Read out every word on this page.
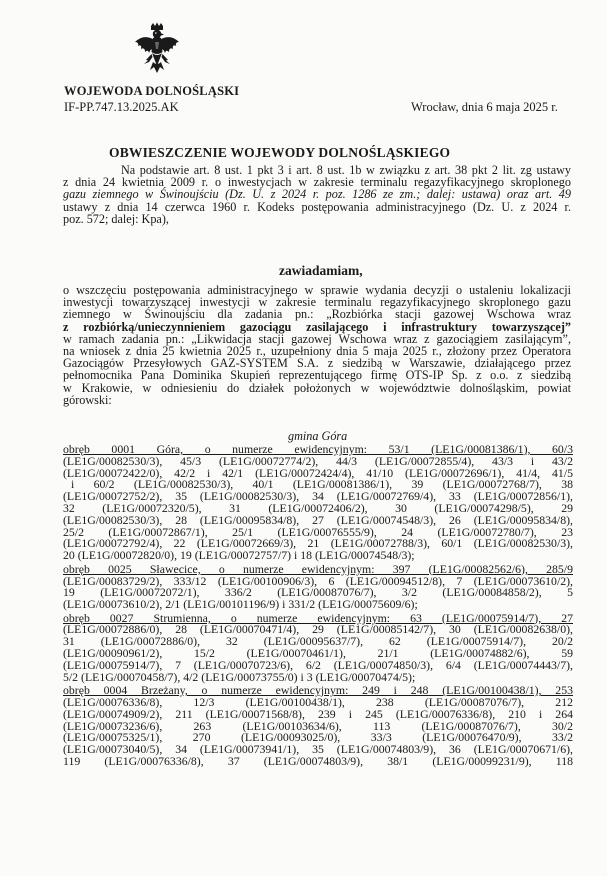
WOJEWODA DOLNOŚLĄSKI
IF-PP.747.13.2025.AK	Wrocław, dnia 6 maja 2025 r.
OBWIESZCZENIE WOJEWODY DOLNOŚLĄSKIEGO
Na podstawie art. 8 ust. 1 pkt 3 i art. 8 ust. 1b w związku z art. 38 pkt 2 lit. zg ustawy
z dnia 24 kwietnia 2009 r. o inwestycjach w zakresie terminalu regazyfikacyjnego skroplonego
gazu ziemnego w Świnoujściu (Dz. U. z 2024 r. poz. 1286 ze zm.; dalej: ustawa) oraz art. 49
ustawy z dnia 14 czerwca 1960 r. Kodeks postępowania administracyjnego (Dz. U. z 2024 r.
poz. 572; dalej: Kpa),
zawiadamiam,
o wszczęciu postępowania administracyjnego w sprawie wydania decyzji o ustaleniu lokalizacji
inwestycji towarzyszącej inwestycji w zakresie terminalu regazyfikacyjnego skroplonego gazu
ziemnego w Świnoujściu dla zadania pn.: „Rozbiórka stacji gazowej Wschowa wraz
z rozbiórką/unieczynnieniem gazociągu zasilającego i infrastruktury towarzyszącej”
w ramach zadania pn.: „Likwidacja stacji gazowej Wschowa wraz z gazociągiem zasilającym”,
na wniosek z dnia 25 kwietnia 2025 r., uzupełniony dnia 5 maja 2025 r., złożony przez Operatora
Gazociągów Przesyłowych GAZ-SYSTEM S.A. z siedzibą w Warszawie, działającego przez
pełnomocnika Pana Dominika Skupień reprezentującego firmę OTS-IP Sp. z o.o. z siedzibą
w Krakowie, w odniesieniu do działek położonych w województwie dolnośląskim, powiat
górowski:
gmina Góra
obręb 0001 Góra, o numerze ewidencyjnym: 53/1 (LE1G/00081386/1), 60/3
(LE1G/00082530/3), 45/3 (LE1G/00072774/2), 44/3 (LE1G/00072855/4), 43/3 i 43/2
(LE1G/00072422/0), 42/2 i 42/1 (LE1G/00072424/4), 41/10 (LE1G/00072696/1), 41/4, 41/5
i 60/2 (LE1G/00082530/3), 40/1 (LE1G/00081386/1), 39 (LE1G/00072768/7), 38
(LE1G/00072752/2), 35 (LE1G/00082530/3), 34 (LE1G/00072769/4), 33 (LE1G/00072856/1),
32 (LE1G/00072320/5), 31 (LE1G/00072406/2), 30 (LE1G/00074298/5), 29
(LE1G/00082530/3), 28 (LE1G/00095834/8), 27 (LE1G/00074548/3), 26 (LE1G/00095834/8),
25/2 (LE1G/00072867/1), 25/1 (LE1G/00076555/9), 24 (LE1G/00072780/7), 23
(LE1G/00072792/4), 22 (LE1G/00072669/3), 21 (LE1G/00072788/3), 60/1 (LE1G/00082530/3),
20 (LE1G/00072820/0), 19 (LE1G/00072757/7) i 18 (LE1G/00074548/3);
obręb 0025 Sławecice, o numerze ewidencyjnym: 397 (LE1G/00082562/6), 285/9
(LE1G/00083729/2), 333/12 (LE1G/00100906/3), 6 (LE1G/00094512/8), 7 (LE1G/00073610/2),
19 (LE1G/00072072/1), 336/2 (LE1G/00087076/7), 3/2 (LE1G/00084858/2), 5
(LE1G/00073610/2), 2/1 (LE1G/00101196/9) i 331/2 (LE1G/00075609/6);
obręb 0027 Strumienna, o numerze ewidencyjnym: 63 (LE1G/00075914/7), 27
(LE1G/00072886/0), 28 (LE1G/00070471/4), 29 (LE1G/00085142/7), 30 (LE1G/00082638/0),
31 (LE1G/00072886/0), 32 (LE1G/00095637/7), 62 (LE1G/00075914/7), 20/2
(LE1G/00090961/2), 15/2 (LE1G/00070461/1), 21/1 (LE1G/00074882/6), 59
(LE1G/00075914/7), 7 (LE1G/00070723/6), 6/2 (LE1G/00074850/3), 6/4 (LE1G/00074443/7),
5/2 (LE1G/00070458/7), 4/2 (LE1G/00073755/0) i 3 (LE1G/00070474/5);
obręb 0004 Brzeżany, o numerze ewidencyjnym: 249 i 248 (LE1G/00100438/1), 253
(LE1G/00076336/8), 12/3 (LE1G/00100438/1), 238 (LE1G/00087076/7), 212
(LE1G/00074909/2), 211 (LE1G/00071568/8), 239 i 245 (LE1G/00076336/8), 210 i 264
(LE1G/00073236/6), 263 (LE1G/00103634/6), 113 (LE1G/00087076/7), 30/2
(LE1G/00075325/1), 270 (LE1G/00093025/0), 33/3 (LE1G/00076470/9), 33/2
(LE1G/00073040/5), 34 (LE1G/00073941/1), 35 (LE1G/00074803/9), 36 (LE1G/00070671/6),
119 (LE1G/00076336/8), 37 (LE1G/00074803/9), 38/1 (LE1G/00099231/9), 118
